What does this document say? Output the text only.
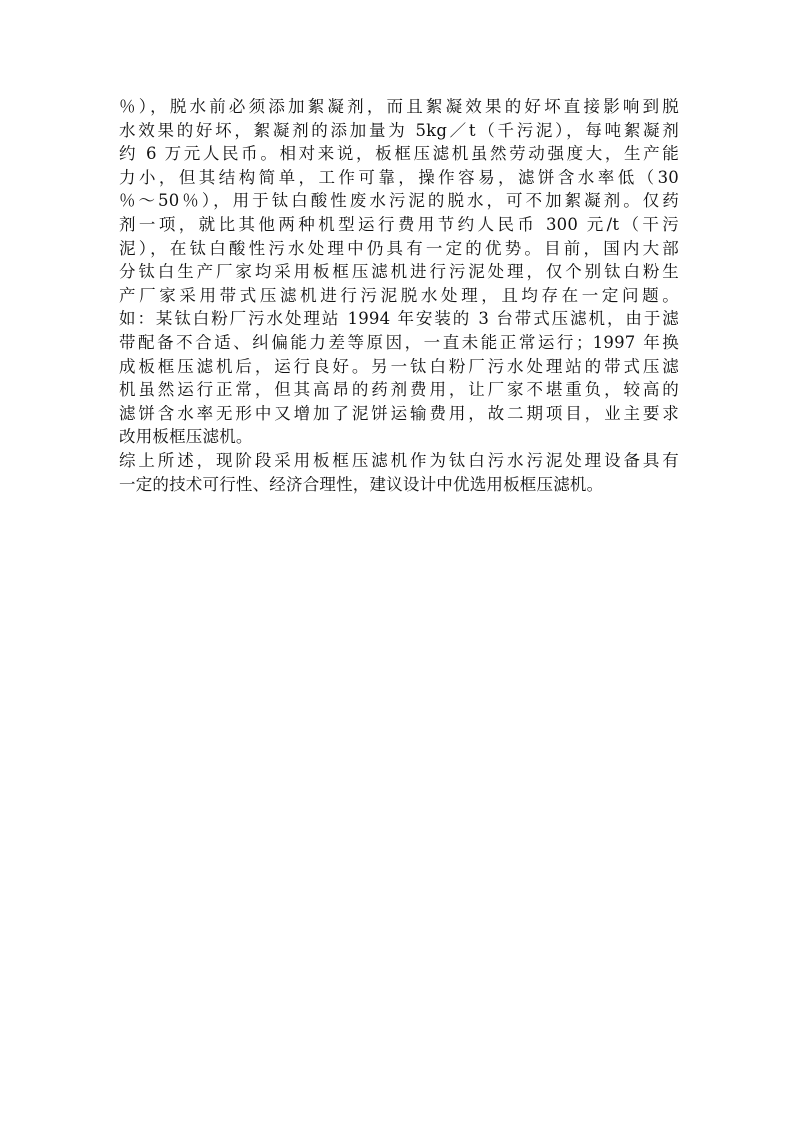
％），脱水前必须添加絮凝剂，而且絮凝效果的好坏直接影响到脱
水效果的好坏，絮凝剂的添加量为 5kg／t（千污泥），每吨絮凝剂
约 6 万元人民币。相对来说，板框压滤机虽然劳动强度大，生产能
力小，但其结构简单，工作可靠，操作容易，滤饼含水率低（30
％～50％），用于钛白酸性废水污泥的脱水，可不加絮凝剂。仅药
剂一项，就比其他两种机型运行费用节约人民币 300 元/t（干污
泥），在钛白酸性污水处理中仍具有一定的优势。目前，国内大部
分钛白生产厂家均采用板框压滤机进行污泥处理，仅个别钛白粉生
产厂家采用带式压滤机进行污泥脱水处理，且均存在一定问题。
如：某钛白粉厂污水处理站 1994 年安装的 3 台带式压滤机，由于滤
带配备不合适、纠偏能力差等原因，一直未能正常运行；1997 年换
成板框压滤机后，运行良好。另一钛白粉厂污水处理站的带式压滤
机虽然运行正常，但其高昂的药剂费用，让厂家不堪重负，较高的
滤饼含水率无形中又增加了泥饼运输费用，故二期项目，业主要求
改用板框压滤机。
综上所述，现阶段采用板框压滤机作为钛白污水污泥处理设备具有
一定的技术可行性、经济合理性，建议设计中优选用板框压滤机。
